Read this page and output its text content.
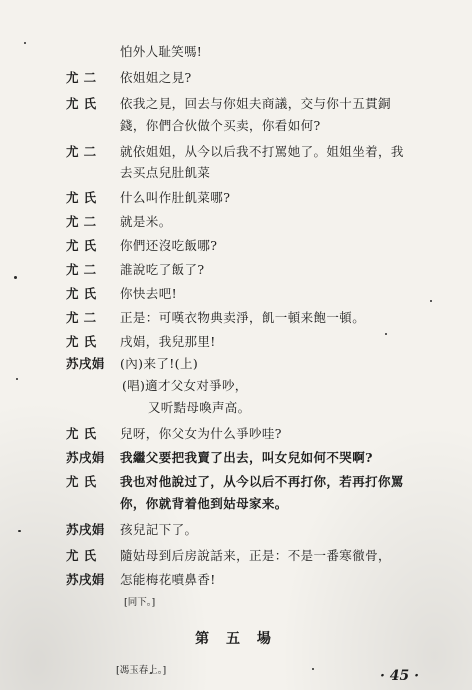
怕外人耻笑嗎!
尤 二 依姐姐之見?
尤 氏 依我之見，回去与你姐夫商議，交与你十五貫銅
錢，你們合伙做个买卖，你看如何?
尤 二 就依姐姐，从今以后我不打罵她了。姐姐坐着，我
去买点兒肚飢菜
尤 氏 什么叫作肚飢菜哪?
尤 二 就是米。
尤 氏 你們还沒吃飯哪?
尤 二 誰說吃了飯了?
尤 氏 你快去吧!
尤 二 正是：可嘆衣物典卖淨，飢一頓来飽一頓。
尤 氏 戌娟，我兒那里!
苏戌娟 (內)来了!(上)
(唱)適才父女对爭吵，
又听黠母喚声高。
尤 氏 兒呀，你父女为什么爭吵哇?
苏戌娟 我繼父要把我賣了出去，叫女兒如何不哭啊?
尤 氏 我也对他說过了，从今以后不再打你，若再打你罵
你，你就背着他到姑母家来。
苏戌娟 孩兒記下了。
尤 氏 隨姑母到后房說話来，正是：不是一番寒徹骨，
苏戌娟 怎能梅花噴鼻香!
[同下。]
第 五 場
[馮玉春上。]	· 45 ·
